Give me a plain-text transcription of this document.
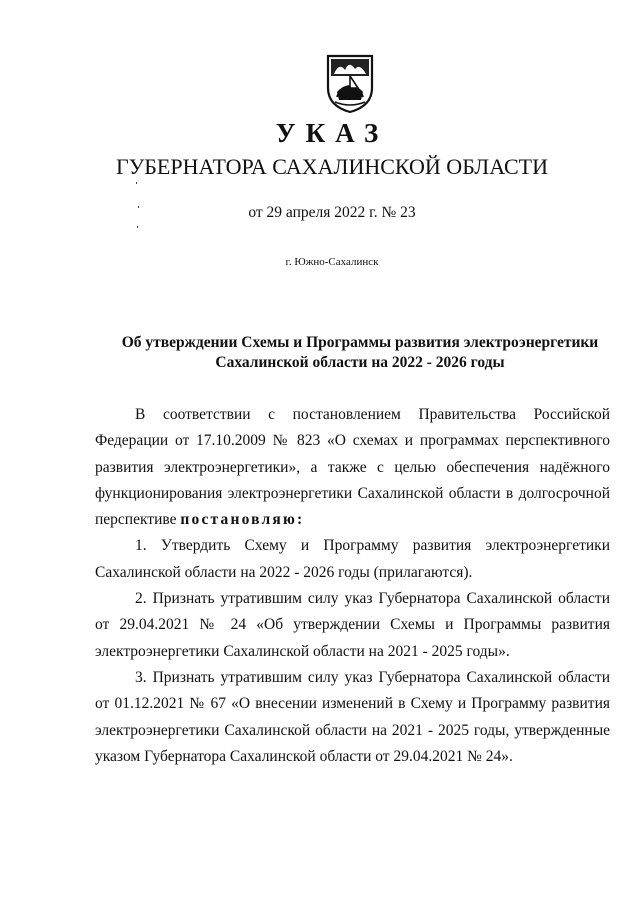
УКАЗ
ГУБЕРНАТОРА САХАЛИНСКОЙ ОБЛАСТИ
от 29 апреля 2022 г. № 23
г. Южно-Сахалинск
Об утверждении Схемы и Программы развития электроэнергетики
Сахалинской области на 2022 - 2026 годы

В соответствии с постановлением Правительства Российской Федерации от 17.10.2009 № 823 «О схемах и программах перспективного развития электроэнергетики», а также с целью обеспечения надёжного функционирования электроэнергетики Сахалинской области в долгосрочной перспективе постановляю:

1. Утвердить Схему и Программу развития электроэнергетики Сахалинской области на 2022 - 2026 годы (прилагаются).

2. Признать утратившим силу указ Губернатора Сахалинской области от 29.04.2021 № 24 «Об утверждении Схемы и Программы развития электроэнергетики Сахалинской области на 2021 - 2025 годы».

3. Признать утратившим силу указ Губернатора Сахалинской области от 01.12.2021 № 67 «О внесении изменений в Схему и Программу развития электроэнергетики Сахалинской области на 2021 - 2025 годы, утвержденные указом Губернатора Сахалинской области от 29.04.2021 № 24».
